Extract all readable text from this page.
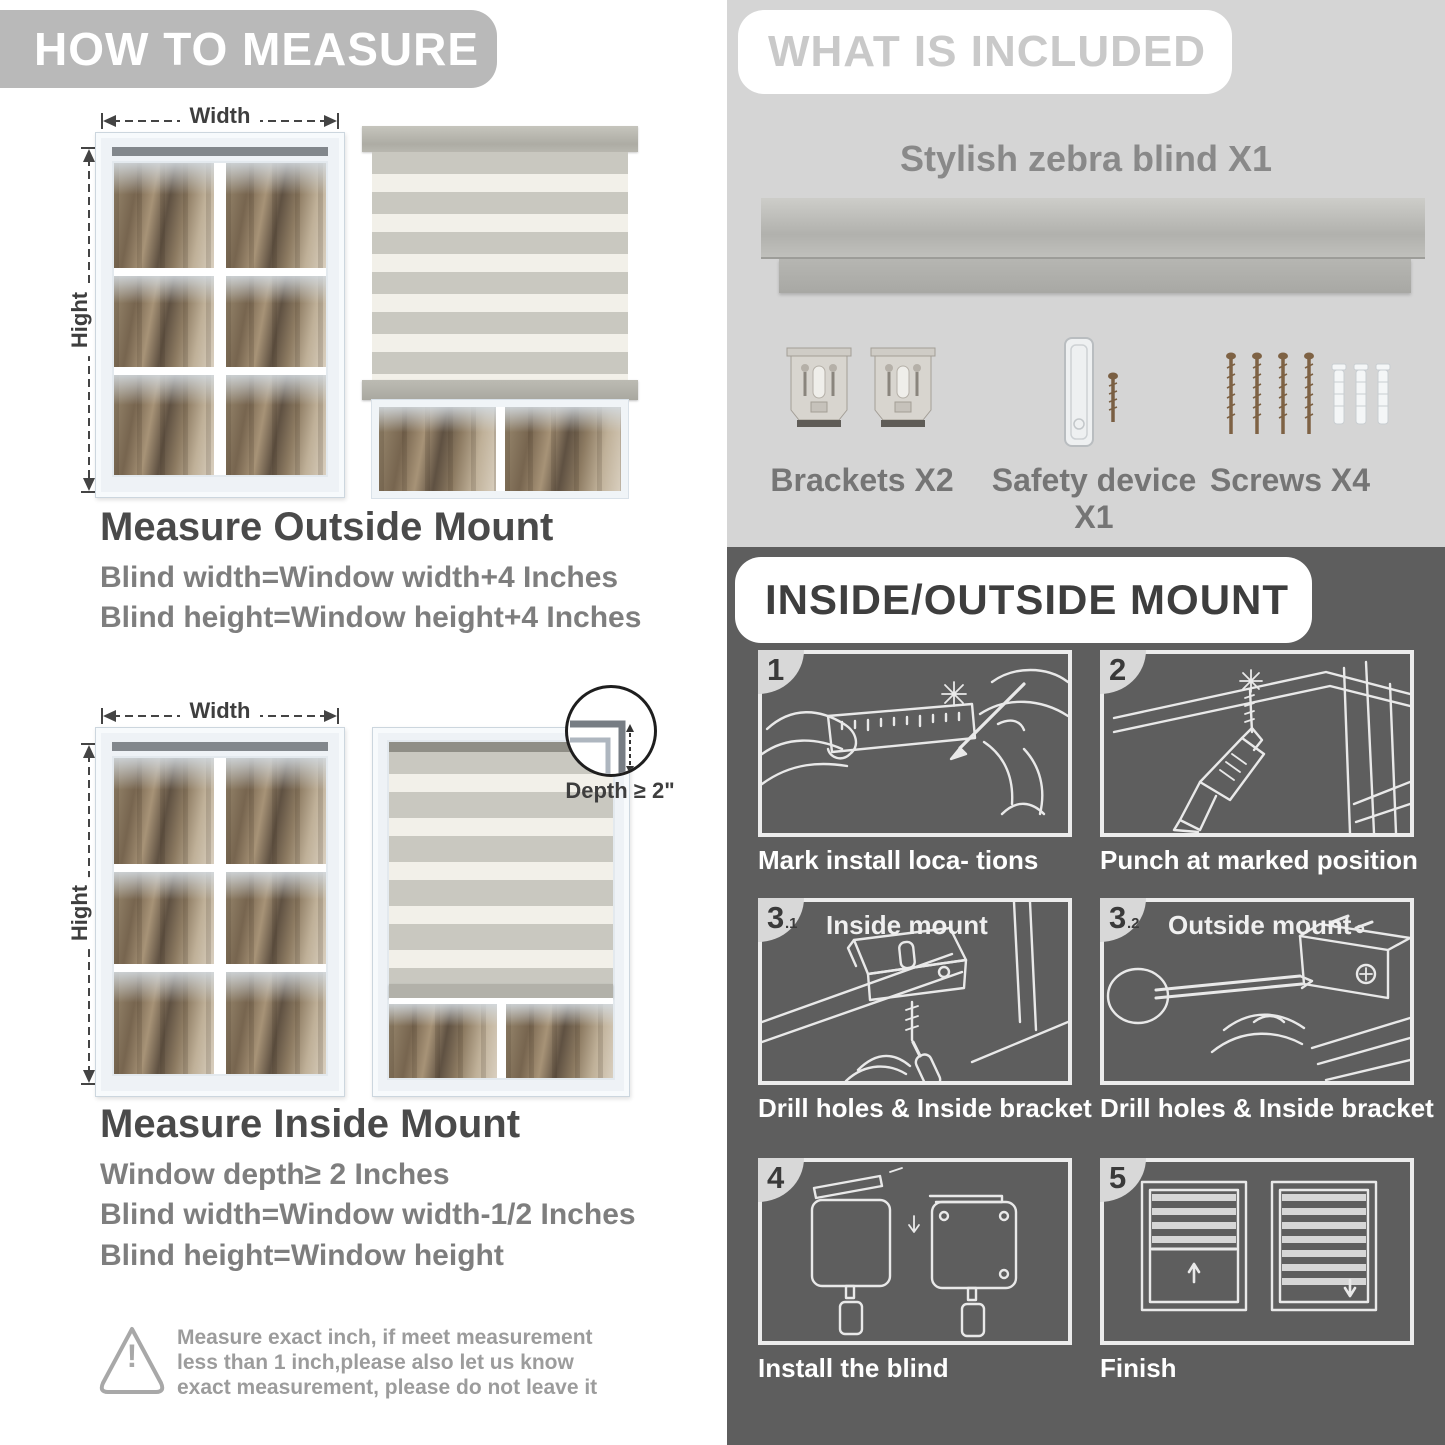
HOW TO MEASURE
Width
Hight
Measure Outside Mount
Blind width=Window width+4 Inches
Blind height=Window height+4 Inches
Width
Hight
Depth ≥ 2"
Measure Inside Mount
Window depth≥ 2 Inches
Blind width=Window width-1/2 Inches
Blind height=Window height
!
Measure exact inch, if meet measurement less than 1 inch,please also let us know exact measurement, please do not leave it
WHAT IS INCLUDED
Stylish zebra blind X1
Brackets X2	Safety device X1
Screws X4
INSIDE/OUTSIDE MOUNT
1
Mark install loca- tions
2
Punch at marked position
3 .1 Inside mount
Drill holes & Inside bracket
3 .2 Outside mount
Drill holes & Inside bracket
4
Install the blind
5
Finish
